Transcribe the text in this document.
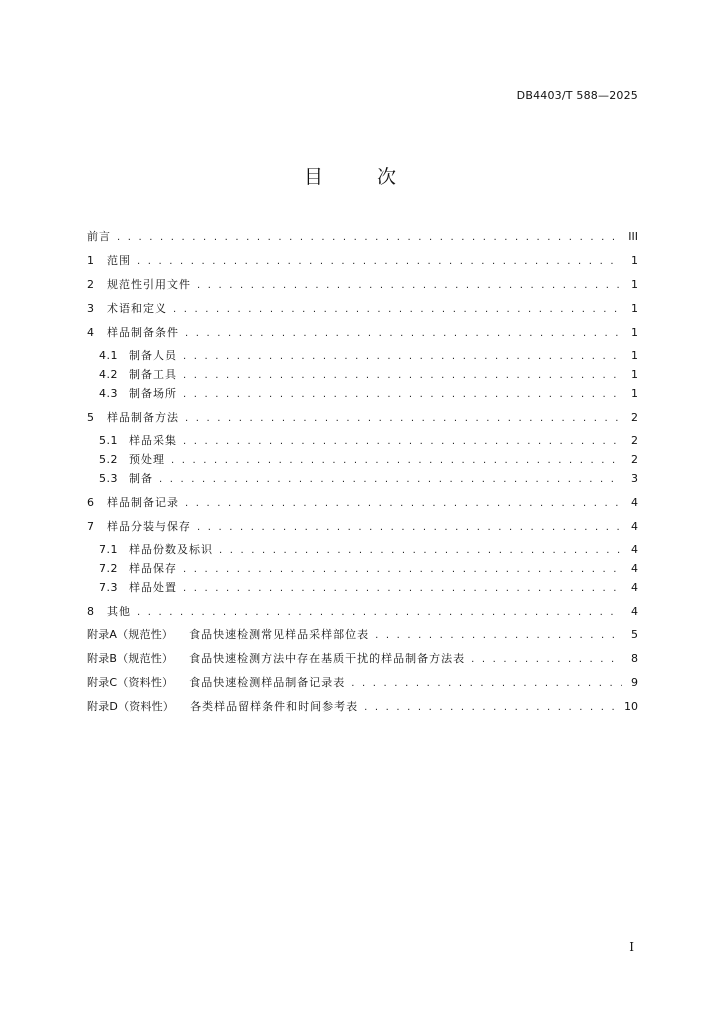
DB4403/T 588—2025
目 次
前言 . . .	III
1	范围 . . .	1
2	规范性引用文件 . . .	1
3	术语和定义 . . .	1
4	样品制备条件 . . .	1
4.1	制备人员 . . .	1
4.2	制备工具 . . .	1
4.3	制备场所 . . .	1
5	样品制备方法 . . .	2
5.1	样品采集 . . .	2
5.2	预处理 . . .	2
5.3	制备 . . .	3
6	样品制备记录 . . .	4
7	样品分装与保存 . . .	4
7.1	样品份数及标识 . . .	4
7.2	样品保存 . . .	4
7.3	样品处置 . . .	4
8	其他 . . .	4
附录A（规范性） 食品快速检测常见样品采样部位表 . . .	5
附录B（规范性） 食品快速检测方法中存在基质干扰的样品制备方法表 . . .	8
附录C（资料性） 食品快速检测样品制备记录表 . . .	9
附录D（资料性） 各类样品留样条件和时间参考表 . . .	10
I
